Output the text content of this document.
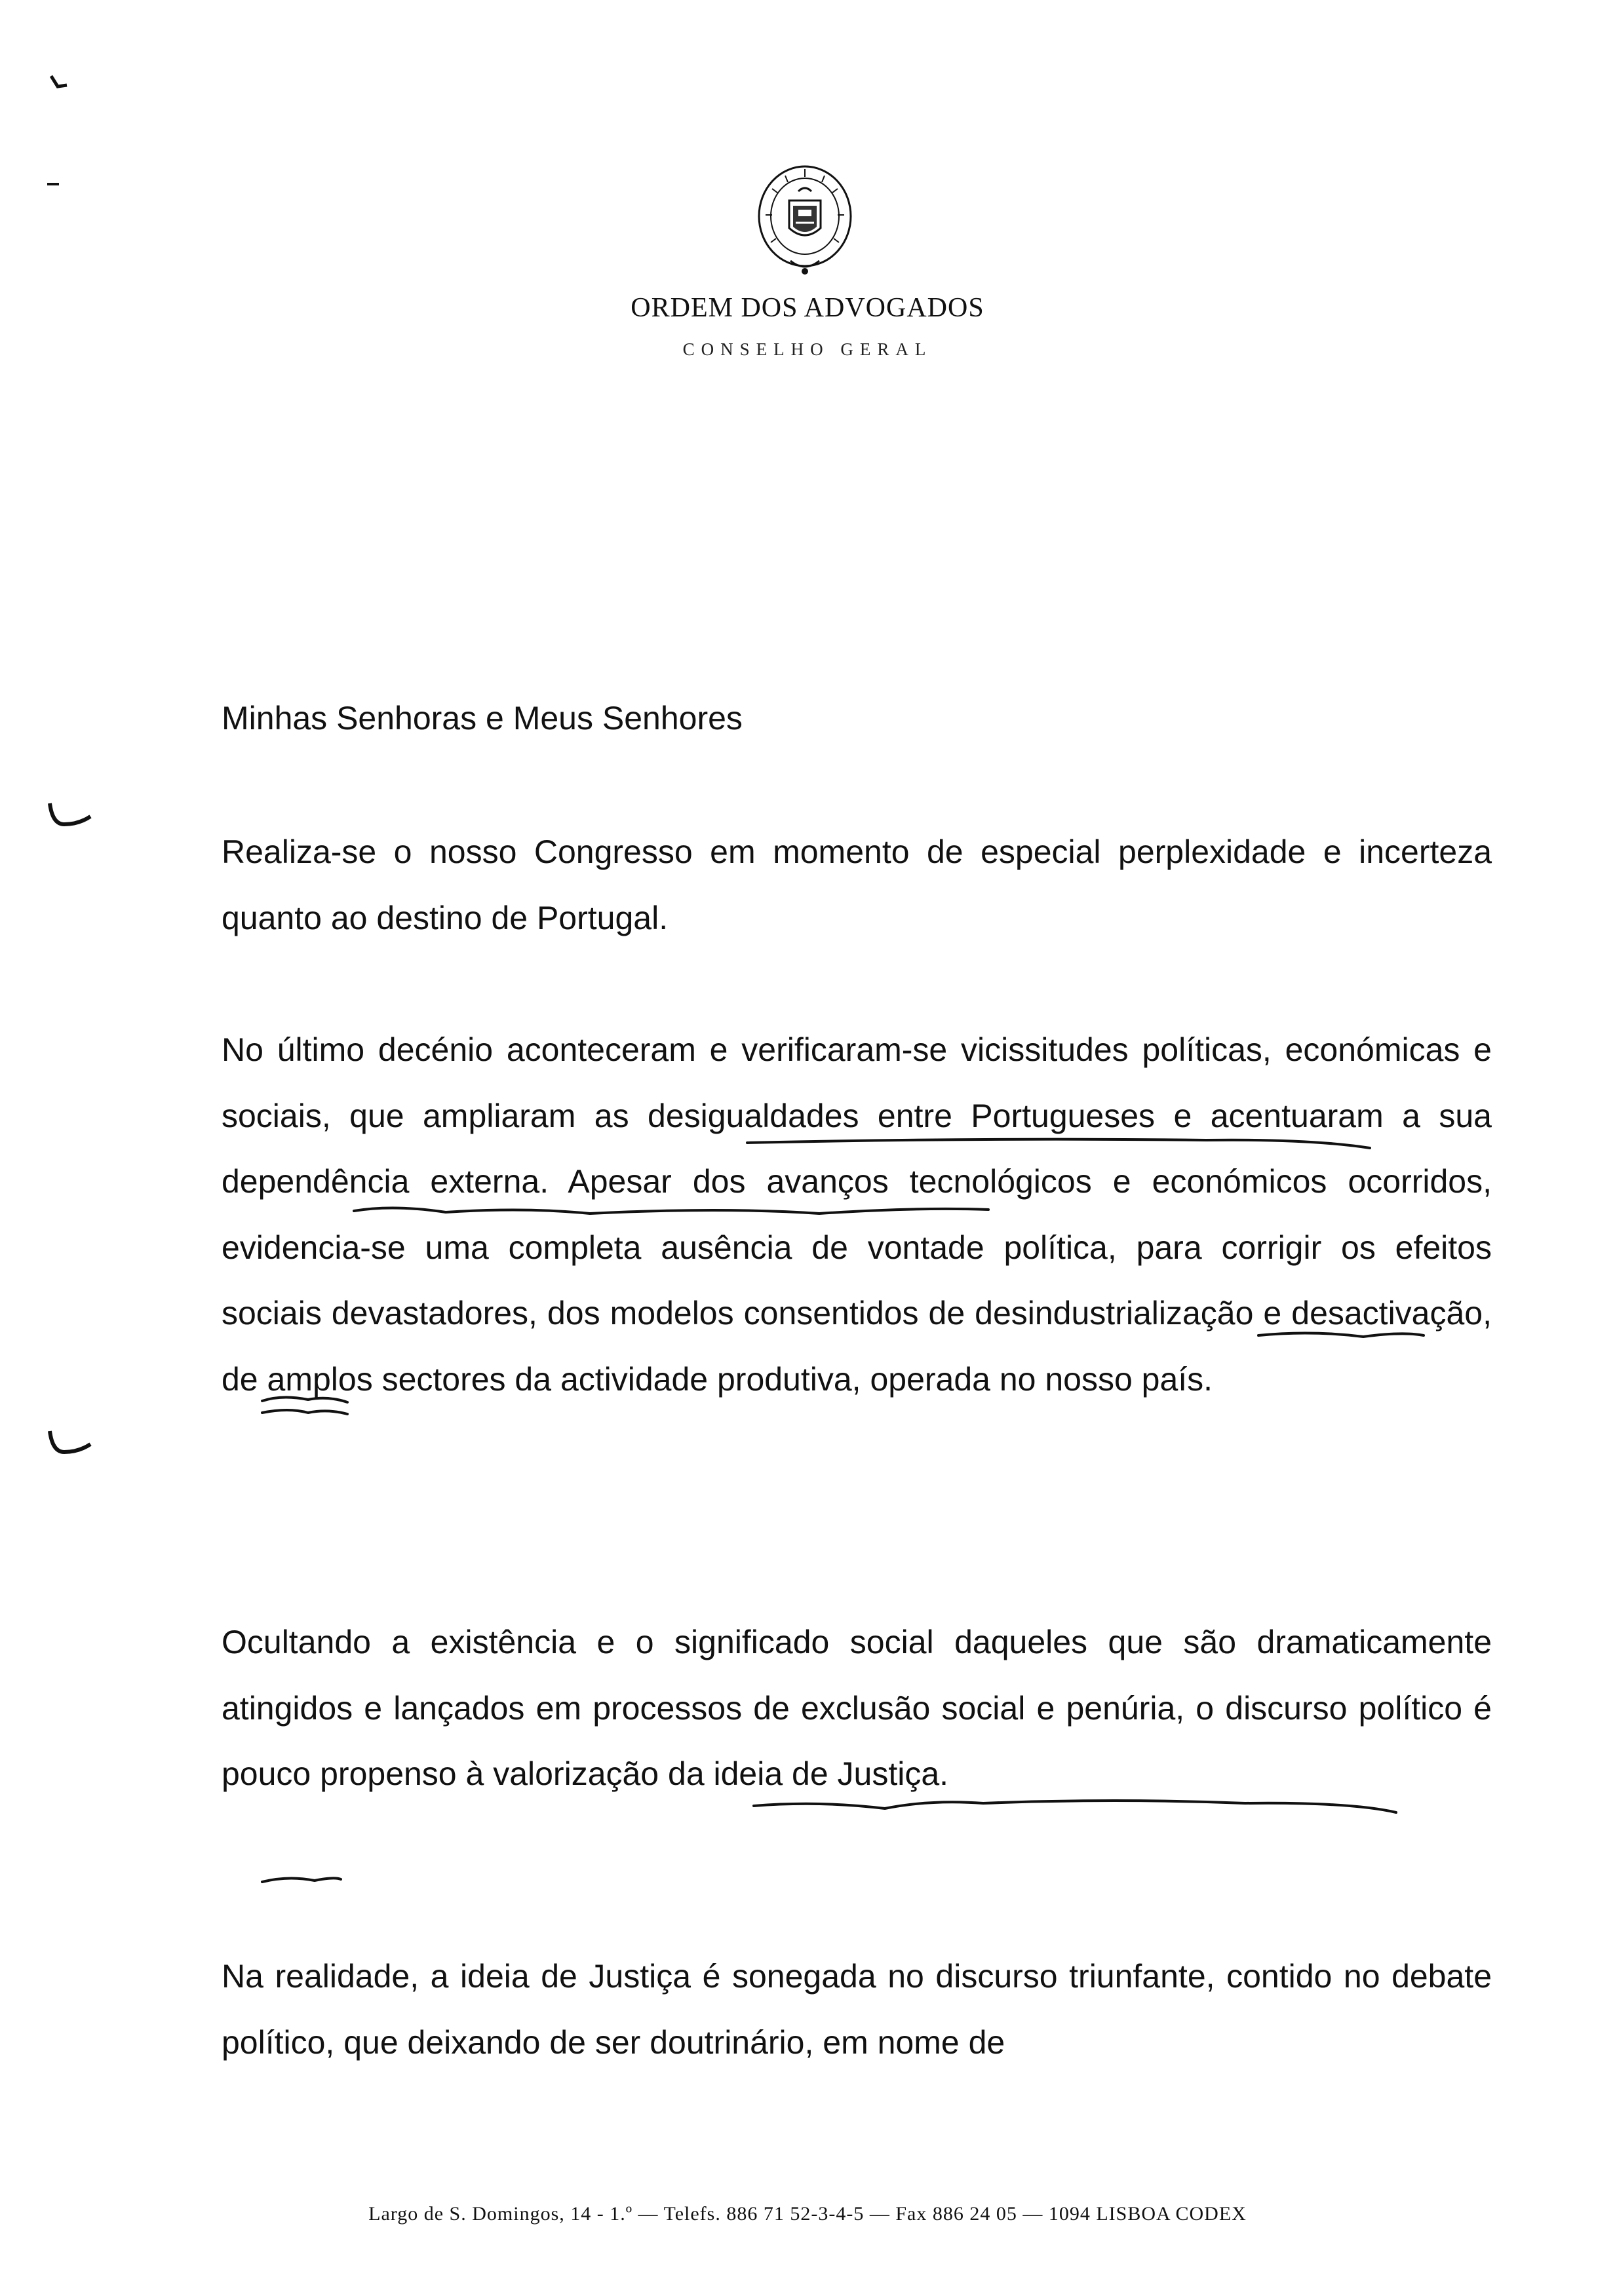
ORDEM DOS ADVOGADOS
CONSELHO GERAL
Minhas Senhoras e Meus Senhores
Realiza-se o nosso Congresso em momento de especial perplexidade e incerteza quanto ao destino de Portugal.
No último decénio aconteceram e verificaram-se vicissitudes políticas, económicas e sociais, que ampliaram as desigualdades entre Portugueses e acentuaram a sua dependência externa. Apesar dos avanços tecnológicos e económicos ocorridos, evidencia-se uma completa ausência de vontade política, para corrigir os efeitos sociais devastadores, dos modelos consentidos de desindustrialização e desactivação, de amplos sectores da actividade produtiva, operada no nosso país.
Ocultando a existência e o significado social daqueles que são dramaticamente atingidos e lançados em processos de exclusão social e penúria, o discurso político é pouco propenso à valorização da ideia de Justiça.
Na realidade, a ideia de Justiça é sonegada no discurso triunfante, contido no debate político, que deixando de ser doutrinário, em nome de
Largo de S. Domingos, 14 - 1.º — Telefs. 886 71 52-3-4-5 — Fax 886 24 05 — 1094 LISBOA CODEX
